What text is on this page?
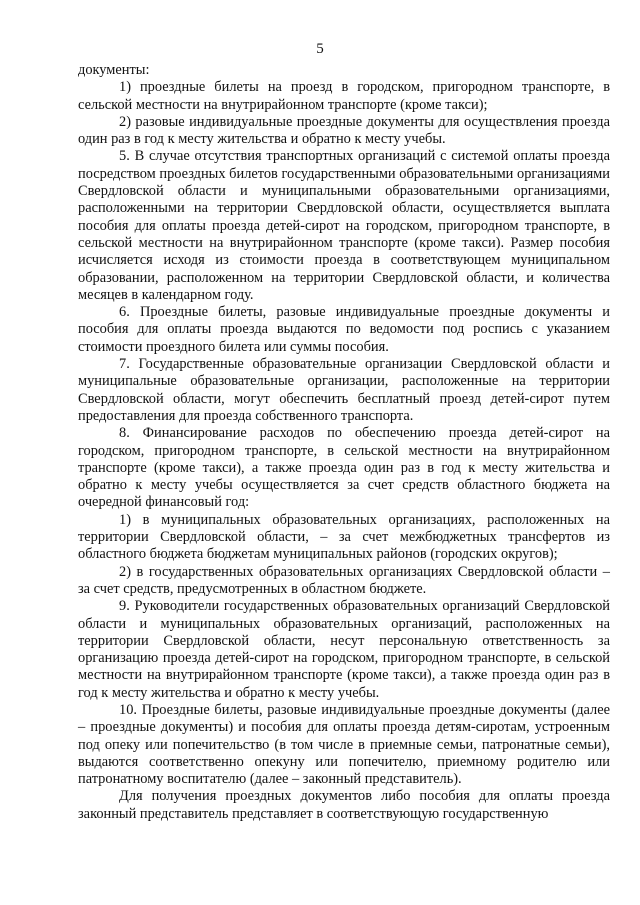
5

документы:

1) проездные билеты на проезд в городском, пригородном транспорте, в сельской местности на внутрирайонном транспорте (кроме такси);

2) разовые индивидуальные проездные документы для осуществления проезда один раз в год к месту жительства и обратно к месту учебы.

5. В случае отсутствия транспортных организаций с системой оплаты проезда посредством проездных билетов государственными образовательными организациями Свердловской области и муниципальными образовательными организациями, расположенными на территории Свердловской области, осуществляется выплата пособия для оплаты проезда детей-сирот на городском, пригородном транспорте, в сельской местности на внутрирайонном транспорте (кроме такси). Размер пособия исчисляется исходя из стоимости проезда в соответствующем муниципальном образовании, расположенном на территории Свердловской области, и количества месяцев в календарном году.

6. Проездные билеты, разовые индивидуальные проездные документы и пособия для оплаты проезда выдаются по ведомости под роспись с указанием стоимости проездного билета или суммы пособия.

7. Государственные образовательные организации Свердловской области и муниципальные образовательные организации, расположенные на территории Свердловской области, могут обеспечить бесплатный проезд детей-сирот путем предоставления для проезда собственного транспорта.

8. Финансирование расходов по обеспечению проезда детей-сирот на городском, пригородном транспорте, в сельской местности на внутрирайонном транспорте (кроме такси), а также проезда один раз в год к месту жительства и обратно к месту учебы осуществляется за счет средств областного бюджета на очередной финансовый год:

1) в муниципальных образовательных организациях, расположенных на территории Свердловской области, – за счет межбюджетных трансфертов из областного бюджета бюджетам муниципальных районов (городских округов);

2) в государственных образовательных организациях Свердловской области – за счет средств, предусмотренных в областном бюджете.

9. Руководители государственных образовательных организаций Свердловской области и муниципальных образовательных организаций, расположенных на территории Свердловской области, несут персональную ответственность за организацию проезда детей-сирот на городском, пригородном транспорте, в сельской местности на внутрирайонном транспорте (кроме такси), а также проезда один раз в год к месту жительства и обратно к месту учебы.

10. Проездные билеты, разовые индивидуальные проездные документы (далее – проездные документы) и пособия для оплаты проезда детям-сиротам, устроенным под опеку или попечительство (в том числе в приемные семьи, патронатные семьи), выдаются соответственно опекуну или попечителю, приемному родителю или патронатному воспитателю (далее – законный представитель).

Для получения проездных документов либо пособия для оплаты проезда законный представитель представляет в соответствующую государственную
